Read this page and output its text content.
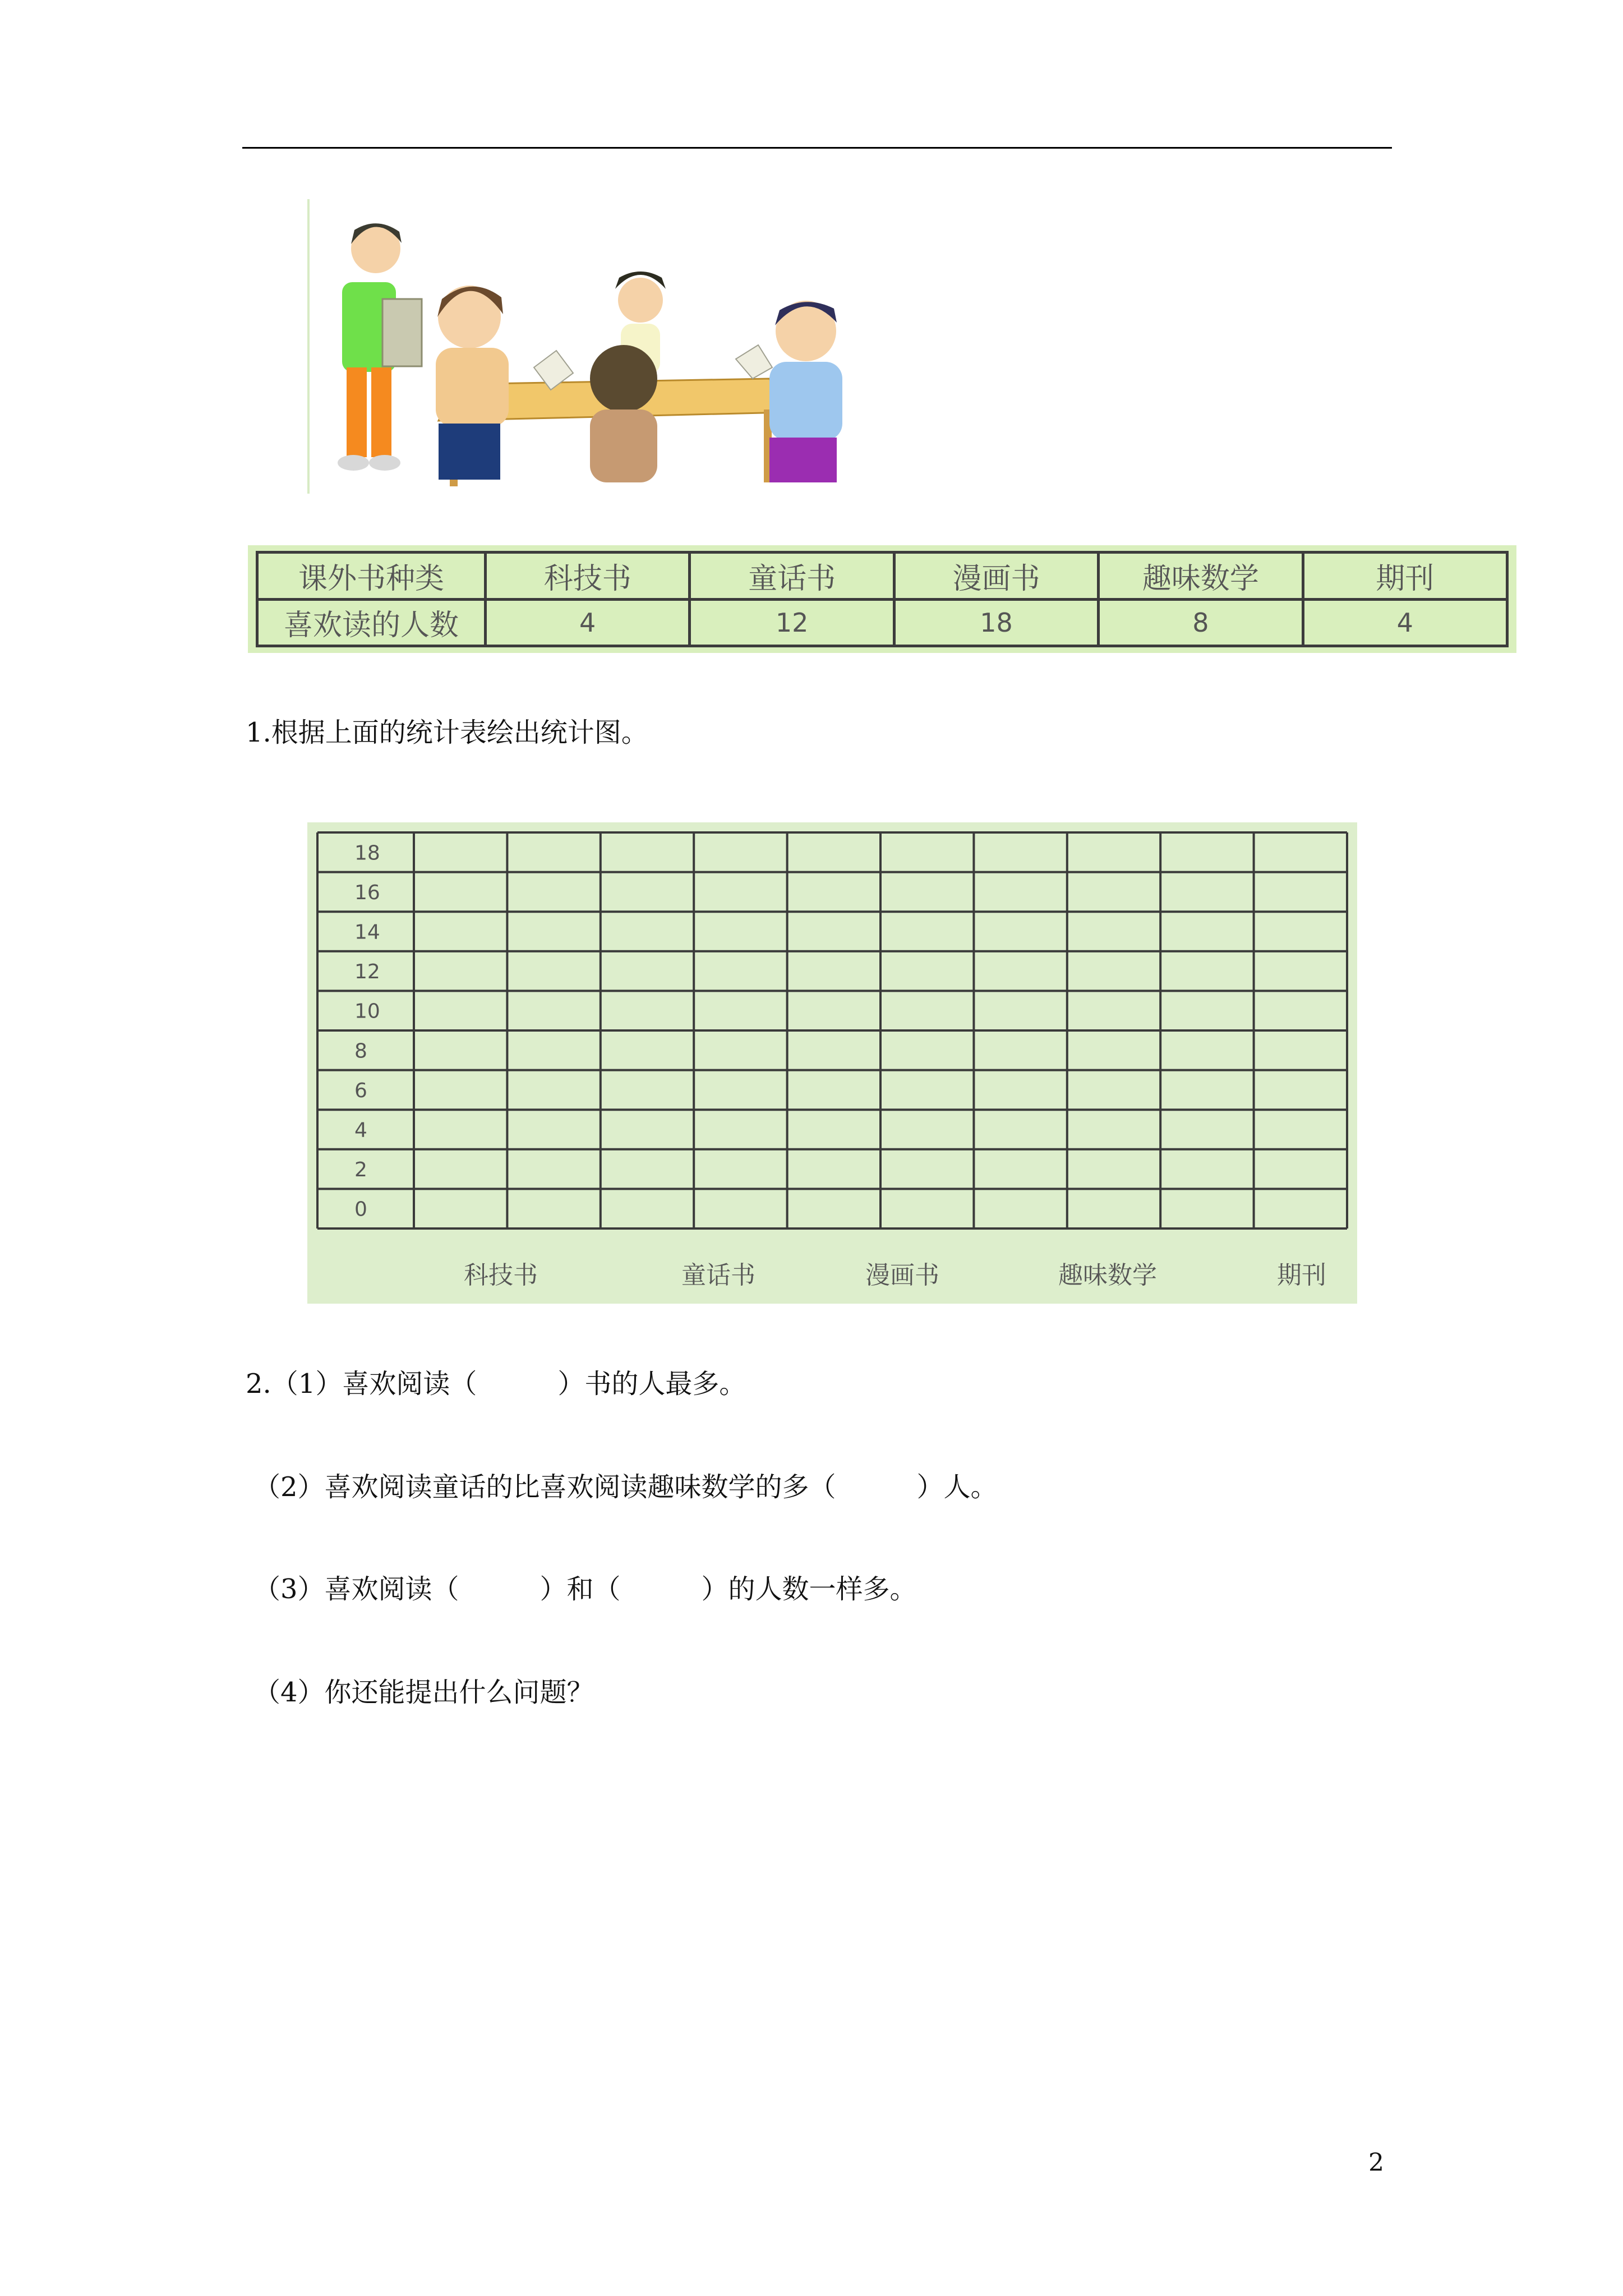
课外书种类	科技书	童话书	漫画书	趣味数学	期刊
喜欢读的人数	4	12	18	8	4
1.根据上面的统计表绘出统计图。
18
16
14
12
10
8
6
4
2
0
科技书	童话书	漫画书	趣味数学	期刊
2.（1）喜欢阅读（　　　）书的人最多。
（2）喜欢阅读童话的比喜欢阅读趣味数学的多（　　　）人。
（3）喜欢阅读（　　　）和（　　　）的人数一样多。
（4）你还能提出什么问题？
2
